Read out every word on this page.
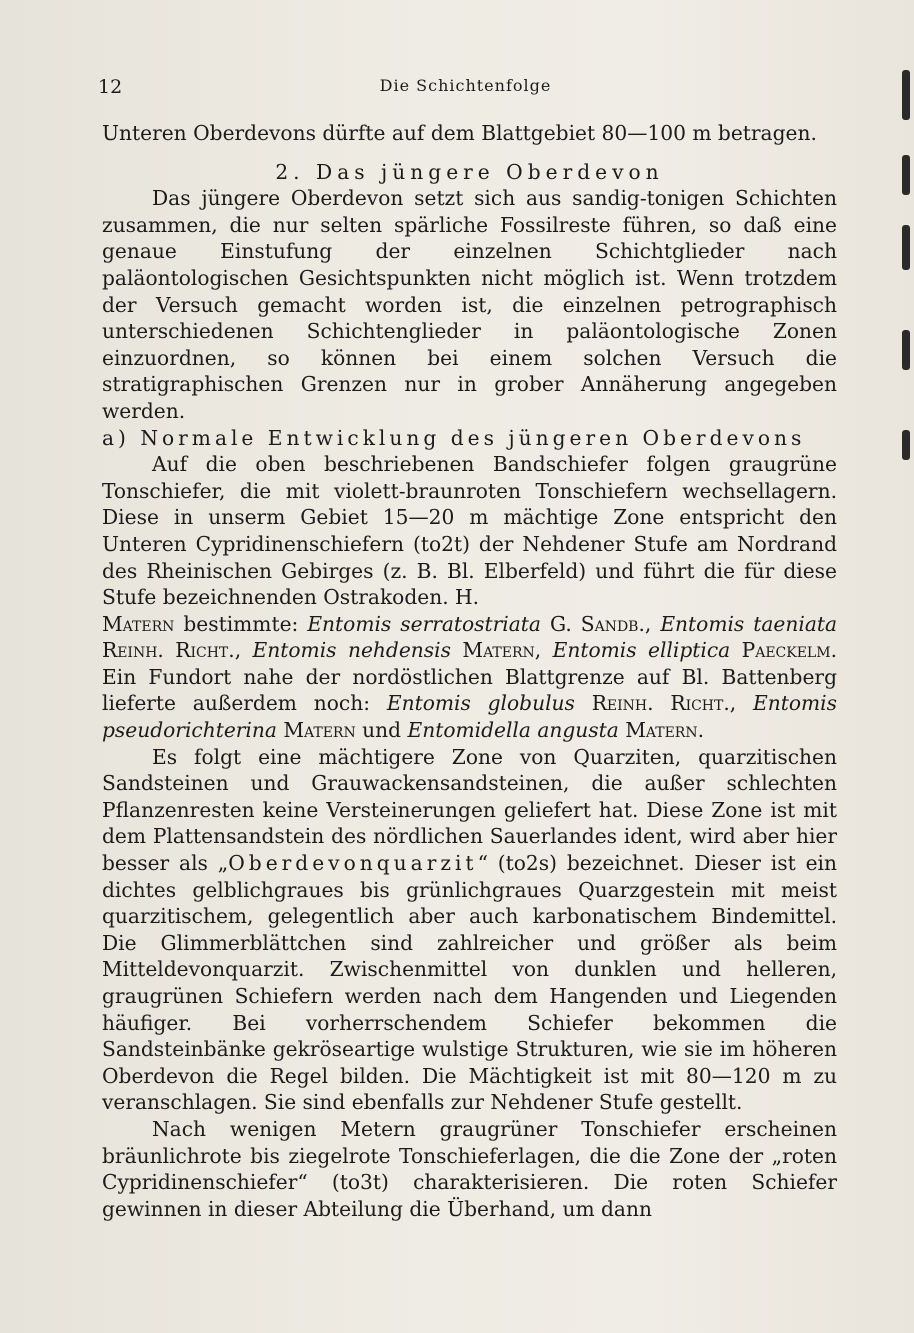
12	Die Schichtenfolge

Unteren Oberdevons dürfte auf dem Blattgebiet 80—100 m betragen.

2. Das jüngere Oberdevon

Das jüngere Oberdevon setzt sich aus sandig-tonigen Schichten zusammen, die nur selten spärliche Fossilreste führen, so daß eine genaue Einstufung der einzelnen Schichtglieder nach paläontologischen Gesichtspunkten nicht möglich ist. Wenn trotzdem der Versuch gemacht worden ist, die einzelnen petrographisch unterschiedenen Schichtenglieder in paläontologische Zonen einzuordnen, so können bei einem solchen Versuch die stratigraphischen Grenzen nur in grober Annäherung angegeben werden.

a) Normale Entwicklung des jüngeren Oberdevons

Auf die oben beschriebenen Bandschiefer folgen graugrüne Tonschiefer, die mit violett-braunroten Tonschiefern wechsellagern. Diese in unserm Gebiet 15—20 m mächtige Zone entspricht den Unteren Cypridinenschiefern (to2t) der Nehdener Stufe am Nordrand des Rheinischen Gebirges (z. B. Bl. Elberfeld) und führt die für diese Stufe bezeichnenden Ostrakoden. H.
Matern bestimmte: Entomis serratostriata G. Sandb., Entomis taeniata Reinh. Richt., Entomis nehdensis Matern, Entomis elliptica Paeckelm. Ein Fundort nahe der nordöstlichen Blattgrenze auf Bl. Battenberg lieferte außerdem noch: Entomis globulus Reinh. Richt., Entomis pseudorichterina Matern und Entomidella angusta Matern.

Es folgt eine mächtigere Zone von Quarziten, quarzitischen Sandsteinen und Grauwackensandsteinen, die außer schlechten Pflanzenresten keine Versteinerungen geliefert hat. Diese Zone ist mit dem Plattensandstein des nördlichen Sauerlandes ident, wird aber hier besser als „Oberdevonquarzit“ (to2s) bezeichnet. Dieser ist ein dichtes gelblichgraues bis grünlichgraues Quarzgestein mit meist quarzitischem, gelegentlich aber auch karbonatischem Bindemittel. Die Glimmerblättchen sind zahlreicher und größer als beim Mitteldevonquarzit. Zwischenmittel von dunklen und helleren, graugrünen Schiefern werden nach dem Hangenden und Liegenden häufiger. Bei vorherrschendem Schiefer bekommen die Sandsteinbänke gekröseartige wulstige Strukturen, wie sie im höheren Oberdevon die Regel bilden. Die Mächtigkeit ist mit 80—120 m zu veranschlagen. Sie sind ebenfalls zur Nehdener Stufe gestellt.

Nach wenigen Metern graugrüner Tonschiefer erscheinen bräunlichrote bis ziegelrote Tonschieferlagen, die die Zone der „roten Cypridinenschiefer“ (to3t) charakterisieren. Die roten Schiefer gewinnen in dieser Abteilung die Überhand, um dann
